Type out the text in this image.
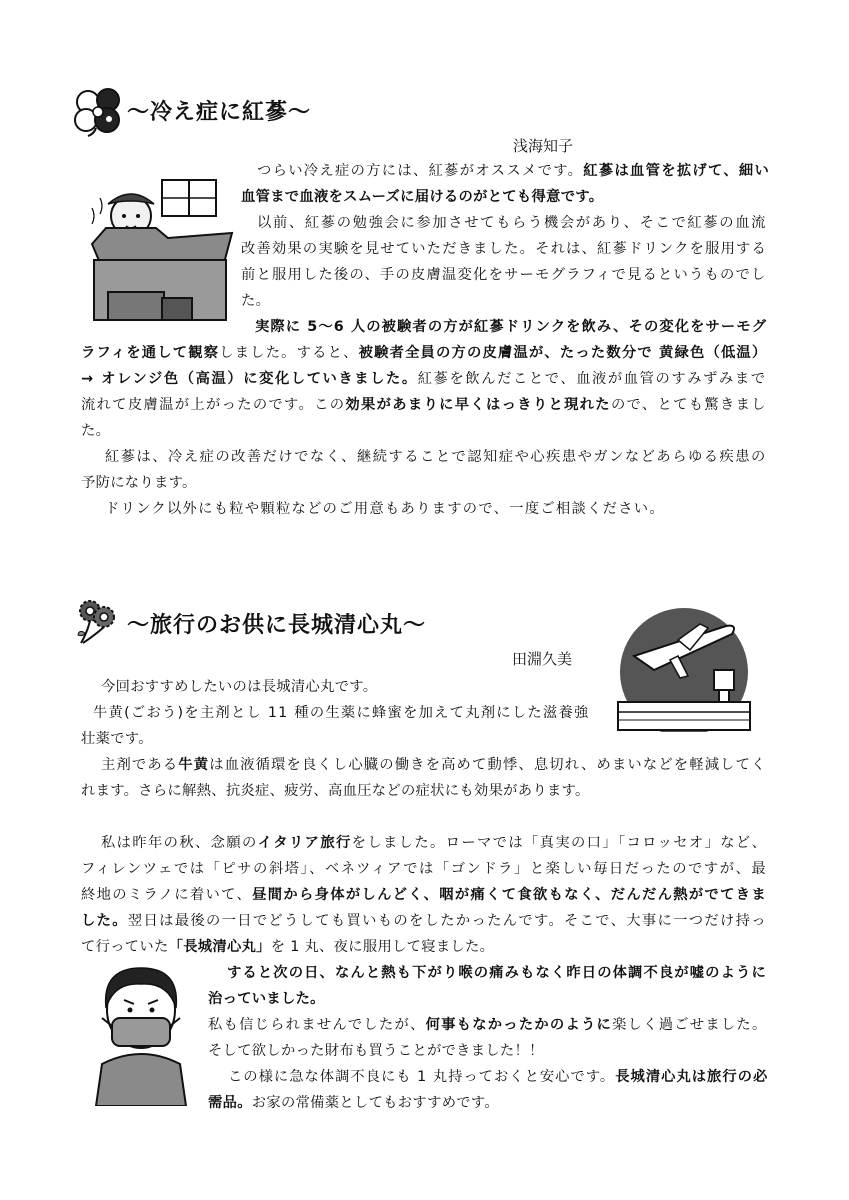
～冷え症に紅蔘～
浅海知子
つらい冷え症の方には、紅蔘がオススメです。紅蔘は血管を拡げて、細い
血管まで血液をスムーズに届けるのがとても得意です。
以前、紅蔘の勉強会に参加させてもらう機会があり、そこで紅蔘の血流
改善効果の実験を見せていただきました。それは、紅蔘ドリンクを服用する
前と服用した後の、手の皮膚温変化をサーモグラフィで見るというものでし
た。
実際に 5～6 人の被験者の方が紅蔘ドリンクを飲み、その変化をサーモグ
ラフィを通して観察しました。すると、被験者全員の方の皮膚温が、たった数分で 黄緑色（低温）
→ オレンジ色（高温）に変化していきました。紅蔘を飲んだことで、血液が血管のすみずみまで
流れて皮膚温が上がったのです。この効果があまりに早くはっきりと現れたので、とても驚きまし
た。
紅蔘は、冷え症の改善だけでなく、継続することで認知症や心疾患やガンなどあらゆる疾患の
予防になります。
ドリンク以外にも粒や顆粒などのご用意もありますので、一度ご相談ください。
～旅行のお供に長城清心丸～
田淵久美
今回おすすめしたいのは長城清心丸です。
牛黄(ごおう)を主剤とし 11 種の生薬に蜂蜜を加えて丸剤にした滋養強
壮薬です。
主剤である牛黄は血液循環を良くし心臓の働きを高めて動悸、息切れ、めまいなどを軽減してく
れます。さらに解熱、抗炎症、疲労、高血圧などの症状にも効果があります。
私は昨年の秋、念願のイタリア旅行をしました。ローマでは「真実の口」「コロッセオ」など、
フィレンツェでは「ピサの斜塔」、ベネツィアでは「ゴンドラ」と楽しい毎日だったのですが、最
終地のミラノに着いて、昼間から身体がしんどく、咽が痛くて食欲もなく、だんだん熱がでてきま
した。翌日は最後の一日でどうしても買いものをしたかったんです。そこで、大事に一つだけ持っ
て行っていた「長城清心丸」を 1 丸、夜に服用して寝ました。
すると次の日、なんと熱も下がり喉の痛みもなく昨日の体調不良が嘘のように
治っていました。
私も信じられませんでしたが、何事もなかったかのように楽しく過ごせました。
そして欲しかった財布も買うことができました！！
この様に急な体調不良にも 1 丸持っておくと安心です。長城清心丸は旅行の必
需品。お家の常備薬としてもおすすめです。
